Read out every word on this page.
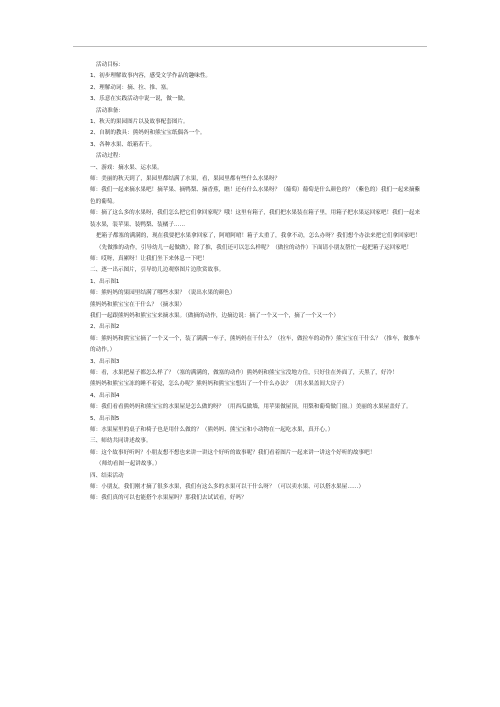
活动目标：
1、初步理解故事内容，感受文学作品的趣味性。
2、理解动词：摘、拉、推、塞。
3、乐意在实践活动中说一说，做一做。
活动准备：
1、秋天的果园图片以及故事配套图片。
2、自制的教具：熊妈妈和熊宝宝纸偶各一个。
3、各种水果、纸箱若干。
活动过程：
一、游戏：摘水果、运水果。
师：美丽的秋天到了，果园里都结满了水果，看，果园里都有些什么水果呀？
师：我们一起来摘水果吧！摘苹果、摘鸭梨、摘香蕉，瞧！还有什么水果呀？（葡萄）葡萄是什么颜色的？（紫色的）我们一起来摘紫色的葡萄。
师：摘了这么多的水果呀，我们怎么把它们拿回家呢？哦！这里有箱子，我们把水果装在箱子里，用箱子把水果运回家吧！我们一起来装水果，装苹果、装鸭梨、装橘子……
把箱子都塞的满满的，现在我要把水果拿回家了，阿唷阿唷！箱子太重了，我拿不动，怎么办呀？我们想个办法来把它们拿回家吧！
（先做推的动作，引导幼儿一起做做），除了推，我们还可以怎么样呢？（做拉的动作）下面请小朋友帮忙一起把箱子运回家吧！
师：哎呀，真累呀！让我们坐下来休息一下吧！
二、逐一出示图片，引导幼儿边观察图片边欣赏故事。
1、出示图1
师：熊妈妈的果园里结满了哪些水果？（说出水果的颜色）
熊妈妈和熊宝宝在干什么？（摘水果）
我们一起跟熊妈妈和熊宝宝来摘水果。（做摘的动作，边摘边说：摘了一个又一个，摘了一个又一个）
2、出示图2
师：熊妈妈和熊宝宝摘了一个又一个，装了满满一车子，熊妈妈在干什么？（拉车，做拉车的动作）熊宝宝在干什么？（推车，做推车的动作。）
3、出示图3
师：看，水果把屋子都怎么样了？（塞的满满的，做塞的动作）熊妈妈和熊宝宝没地方住，只好住在外面了，天黑了，好冷！
熊妈妈和熊宝宝冻的睡不着觉，怎么办呢？熊妈妈和熊宝宝想出了一个什么办法？（用水果盖间大房子）
4、出示图4
师：我们看看熊妈妈和熊宝宝的水果屋是怎么做的呀？（用西瓜做墙，用苹果做屋顶，用梨和葡萄做门窗。）美丽的水果屋盖好了。
5、出示图5
师：水果屋里的桌子和椅子也是用什么做的？（熊妈妈、熊宝宝和小动物在一起吃水果，真开心。）
三、师幼共同讲述故事。
师：这个故事好听吗？小朋友想不想也来讲一讲这个好听的故事呢？我们看着图片一起来讲一讲这个好听的故事吧！
（师幼看图一起讲故事。）
四、结束活动
师：小朋友，我们刚才摘了很多水果，我们有这么多的水果可以干什么呀？（可以卖水果、可以搭水果屋……）
师：我们真的可以也能搭个水果屋吗？那我们去试试看，好吗？
